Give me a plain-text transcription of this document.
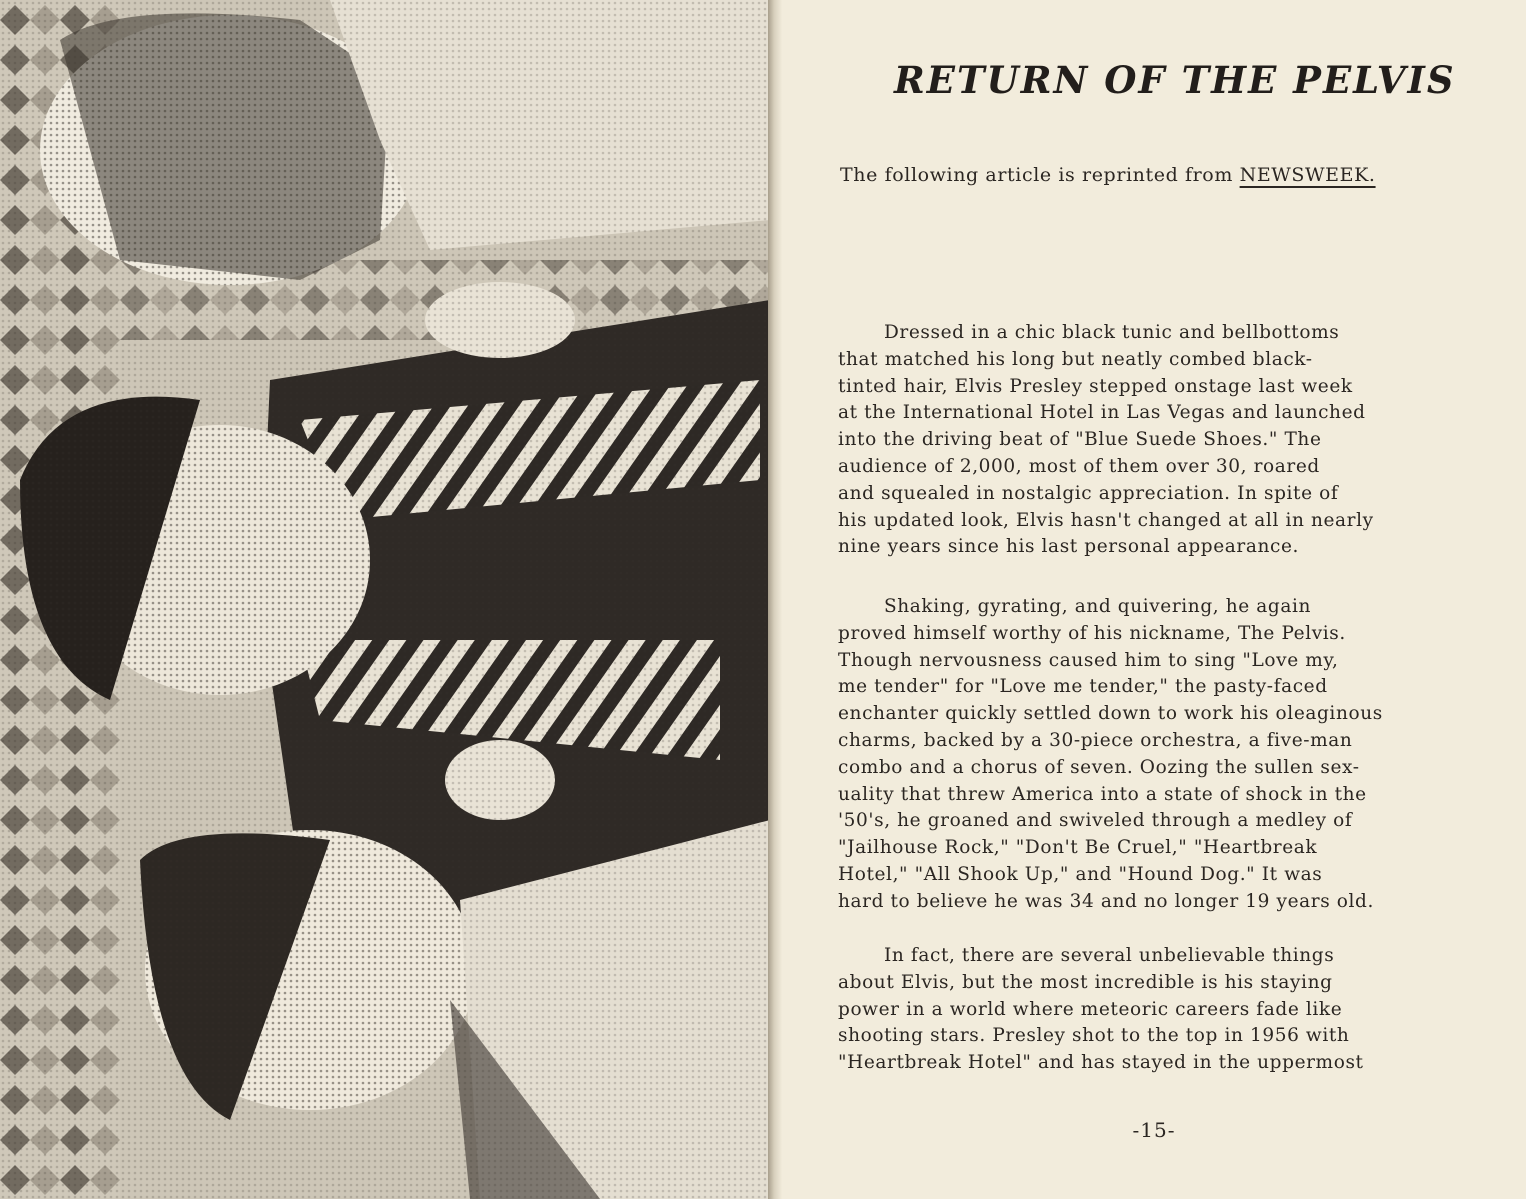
RETURN OF THE PELVIS
The following article is reprinted from NEWSWEEK.

Dressed in a chic black tunic and bellbottoms
that matched his long but neatly combed black-
tinted hair, Elvis Presley stepped onstage last week
at the International Hotel in Las Vegas and launched
into the driving beat of "Blue Suede Shoes." The
audience of 2,000, most of them over 30, roared
and squealed in nostalgic appreciation. In spite of
his updated look, Elvis hasn't changed at all in nearly
nine years since his last personal appearance.

Shaking, gyrating, and quivering, he again
proved himself worthy of his nickname, The Pelvis.
Though nervousness caused him to sing "Love my,
me tender" for "Love me tender," the pasty-faced
enchanter quickly settled down to work his oleaginous
charms, backed by a 30-piece orchestra, a five-man
combo and a chorus of seven. Oozing the sullen sex-
uality that threw America into a state of shock in the
'50's, he groaned and swiveled through a medley of
"Jailhouse Rock," "Don't Be Cruel," "Heartbreak
Hotel," "All Shook Up," and "Hound Dog." It was
hard to believe he was 34 and no longer 19 years old.

In fact, there are several unbelievable things
about Elvis, but the most incredible is his staying
power in a world where meteoric careers fade like
shooting stars. Presley shot to the top in 1956 with
"Heartbreak Hotel" and has stayed in the uppermost

-15-
